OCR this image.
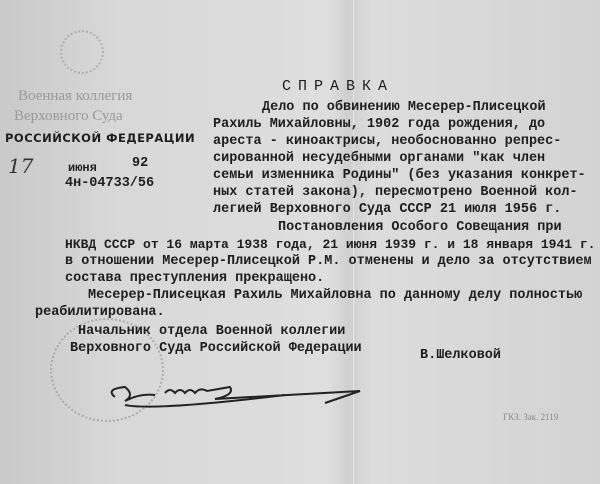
Военная коллегия
Верховного Суда
РОССИЙСКОЙ ФЕДЕРАЦИИ
17	июня	92
4н-04733/56
СПРАВКА
Дело по обвинению Месерер-Плисецкой
Рахиль Михайловны, 1902 года рождения, до
ареста - киноактрисы, необоснованно репрес-
сированной несудебными органами "как член
семьи изменника Родины" (без указания конкрет-
ных статей закона), пересмотрено Военной кол-
легией Верховного Суда СССР 21 июля 1956 г.
Постановления Особого Совещания при
НКВД СССР от 16 марта 1938 года, 21 июня 1939 г. и 18 января 1941 г.
в отношении Месерер-Плисецкой Р.М. отменены и дело за отсутствием
состава преступления прекращено.
Месерер-Плисецкая Рахиль Михайловна по данному делу полностью
реабилитирована.
Начальник отдела Военной коллегии
Верховного Суда Российской Федерации	В.Шелковой
ГКЗ. Зак. 2119
